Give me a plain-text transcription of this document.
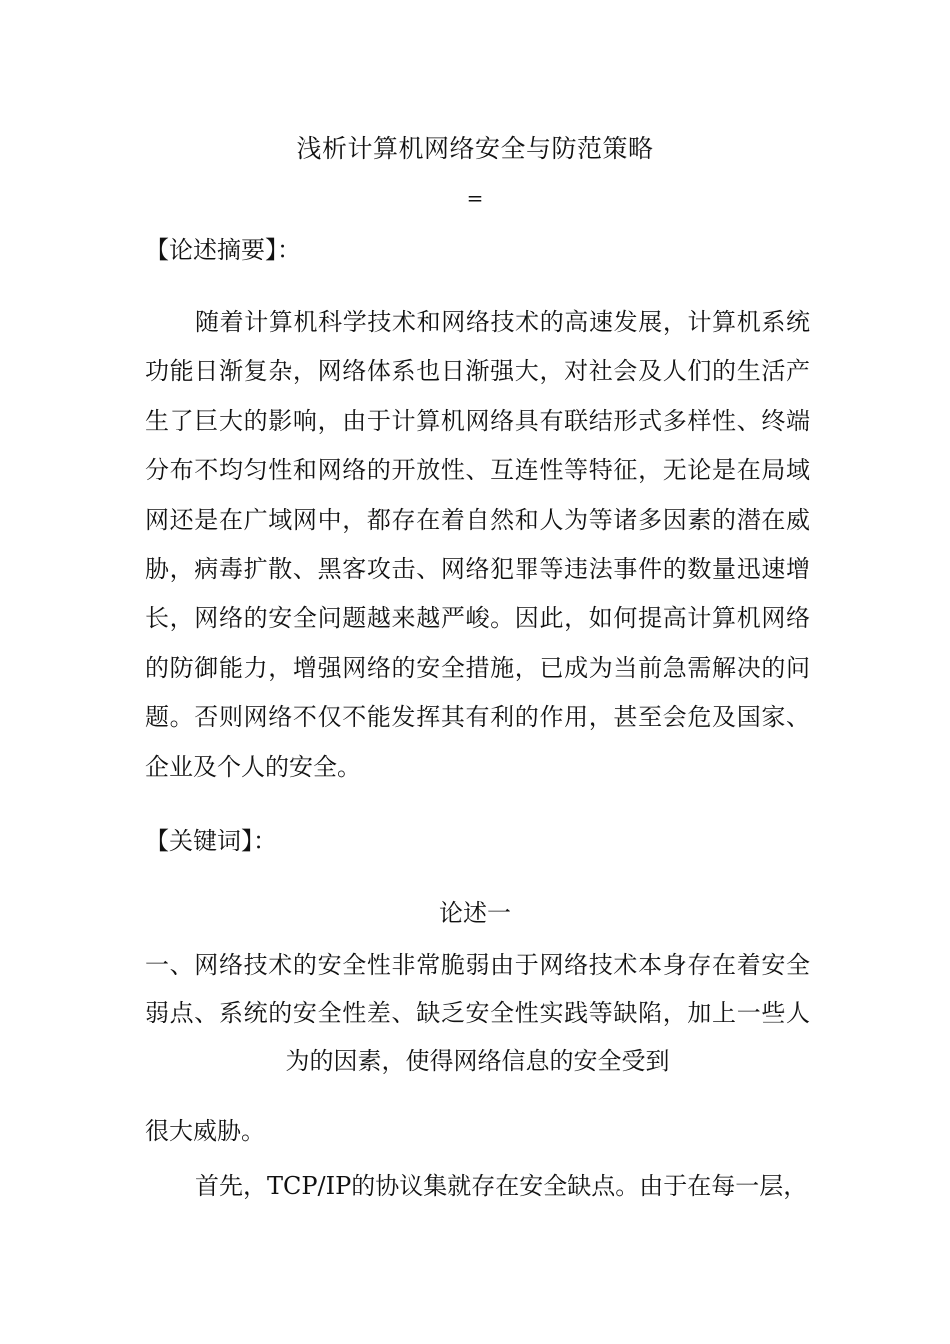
浅析计算机网络安全与防范策略
=
【论述摘要】：
随着计算机科学技术和网络技术的高速发展，计算机系统功能日渐复杂，网络体系也日渐强大，对社会及人们的生活产生了巨大的影响，由于计算机网络具有联结形式多样性、终端分布不均匀性和网络的开放性、互连性等特征，无论是在局域网还是在广域网中，都存在着自然和人为等诸多因素的潜在威胁，病毒扩散、黑客攻击、网络犯罪等违法事件的数量迅速增长，网络的安全问题越来越严峻。因此，如何提高计算机网络的防御能力，增强网络的安全措施，已成为当前急需解决的问题。否则网络不仅不能发挥其有利的作用，甚至会危及国家、企业及个人的安全。
【关键词】：
论述一
一、网络技术的安全性非常脆弱由于网络技术本身存在着安全弱点、系统的安全性差、缺乏安全性实践等缺陷，加上一些人为的因素，使得网络信息的安全受到
很大威胁。
首先，TCP/IP的协议集就存在安全缺点。由于在每一层，
